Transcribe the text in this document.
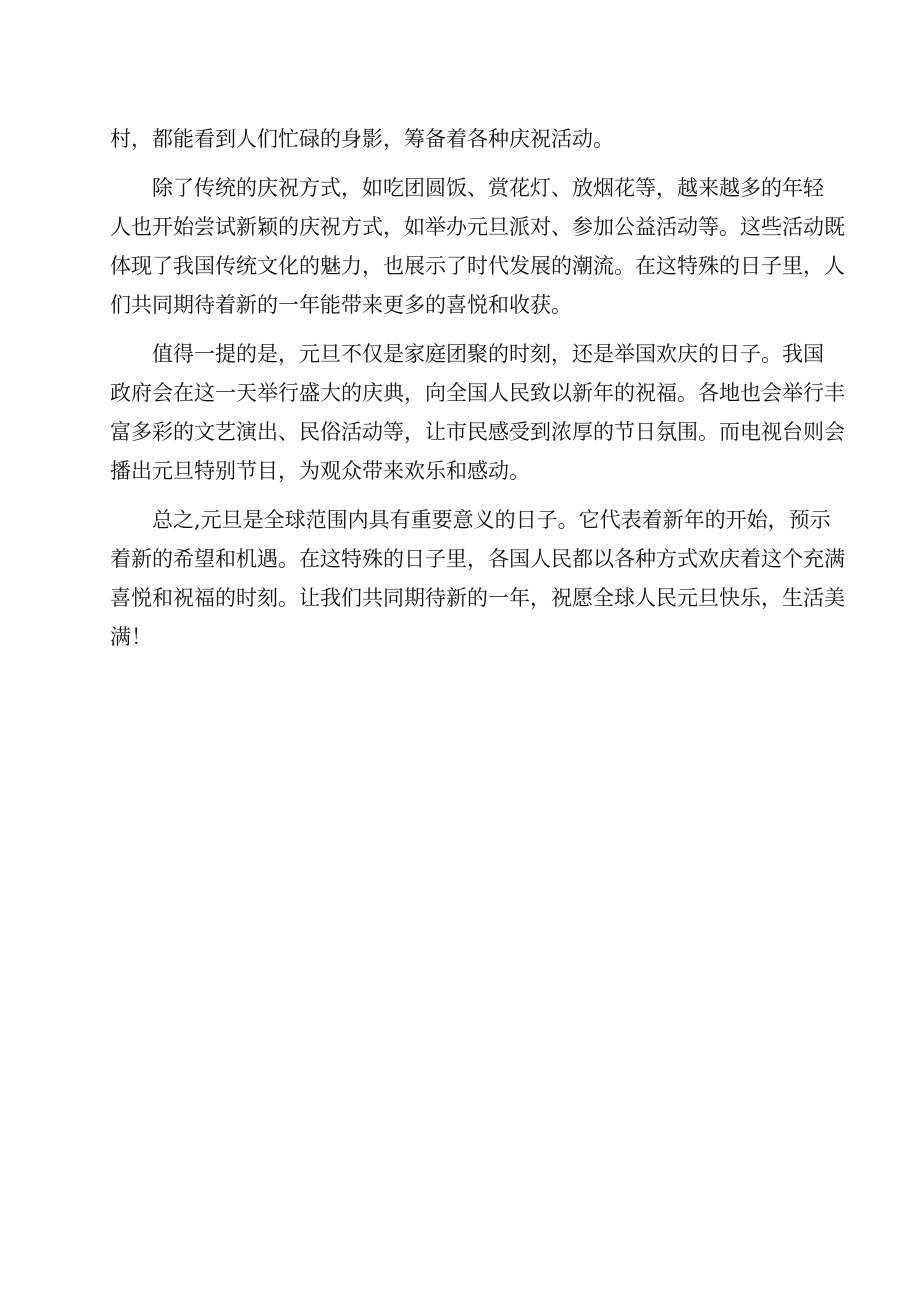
村，都能看到人们忙碌的身影，筹备着各种庆祝活动。
除了传统的庆祝方式，如吃团圆饭、赏花灯、放烟花等，越来越多的年轻
人也开始尝试新颖的庆祝方式，如举办元旦派对、参加公益活动等。这些活动既
体现了我国传统文化的魅力，也展示了时代发展的潮流。在这特殊的日子里，人
们共同期待着新的一年能带来更多的喜悦和收获。
值得一提的是，元旦不仅是家庭团聚的时刻，还是举国欢庆的日子。我国
政府会在这一天举行盛大的庆典，向全国人民致以新年的祝福。各地也会举行丰
富多彩的文艺演出、民俗活动等，让市民感受到浓厚的节日氛围。而电视台则会
播出元旦特别节目，为观众带来欢乐和感动。
总之,元旦是全球范围内具有重要意义的日子。它代表着新年的开始，预示
着新的希望和机遇。在这特殊的日子里，各国人民都以各种方式欢庆着这个充满
喜悦和祝福的时刻。让我们共同期待新的一年，祝愿全球人民元旦快乐，生活美
满！
